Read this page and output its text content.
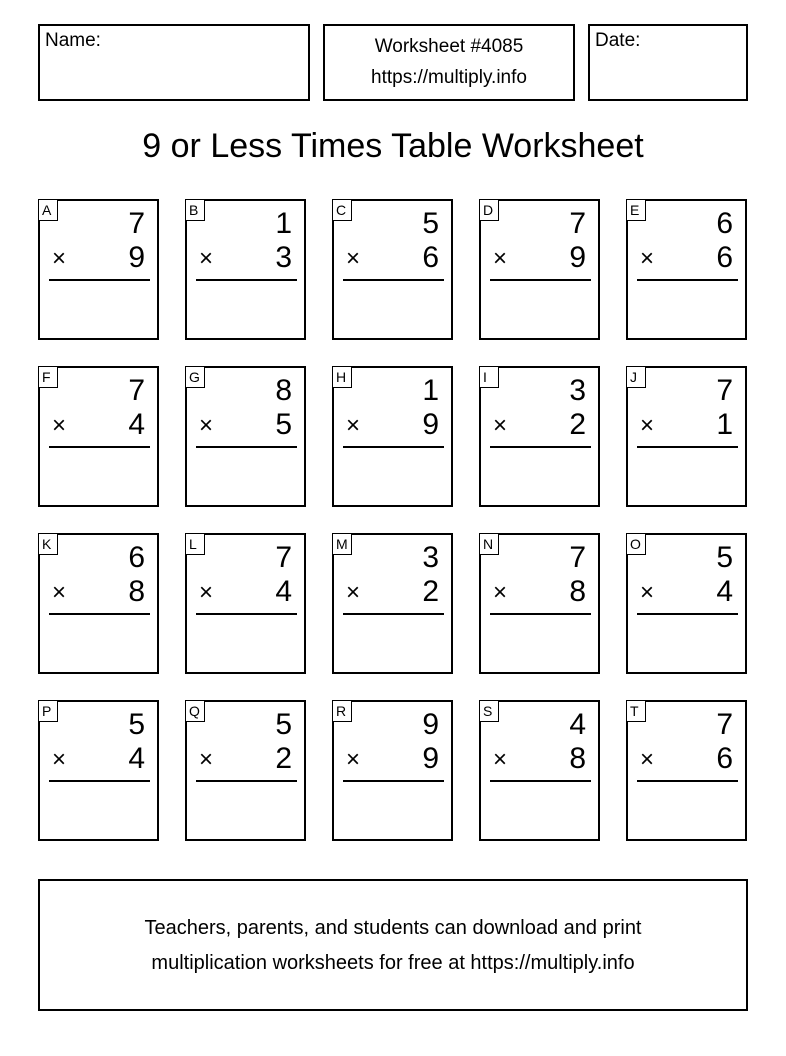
Name:	Worksheet #4085
https://multiply.info
Date:
9 or Less Times Table Worksheet
A	7
× 9
B	1
× 3
C	5
× 6
D	7
× 9
E	6
× 6
F	7
× 4
G	8
× 5
H	1
× 9
I	3
× 2
J	7
× 1
K	6
× 8
L	7
× 4
M 3
× 2
N	7
× 8
O	5
× 4
P	5
× 4
Q	5
× 2
R	9
× 9
S	4
× 8
T	7
× 6
Teachers, parents, and students can download and print
multiplication worksheets for free at https://multiply.info
